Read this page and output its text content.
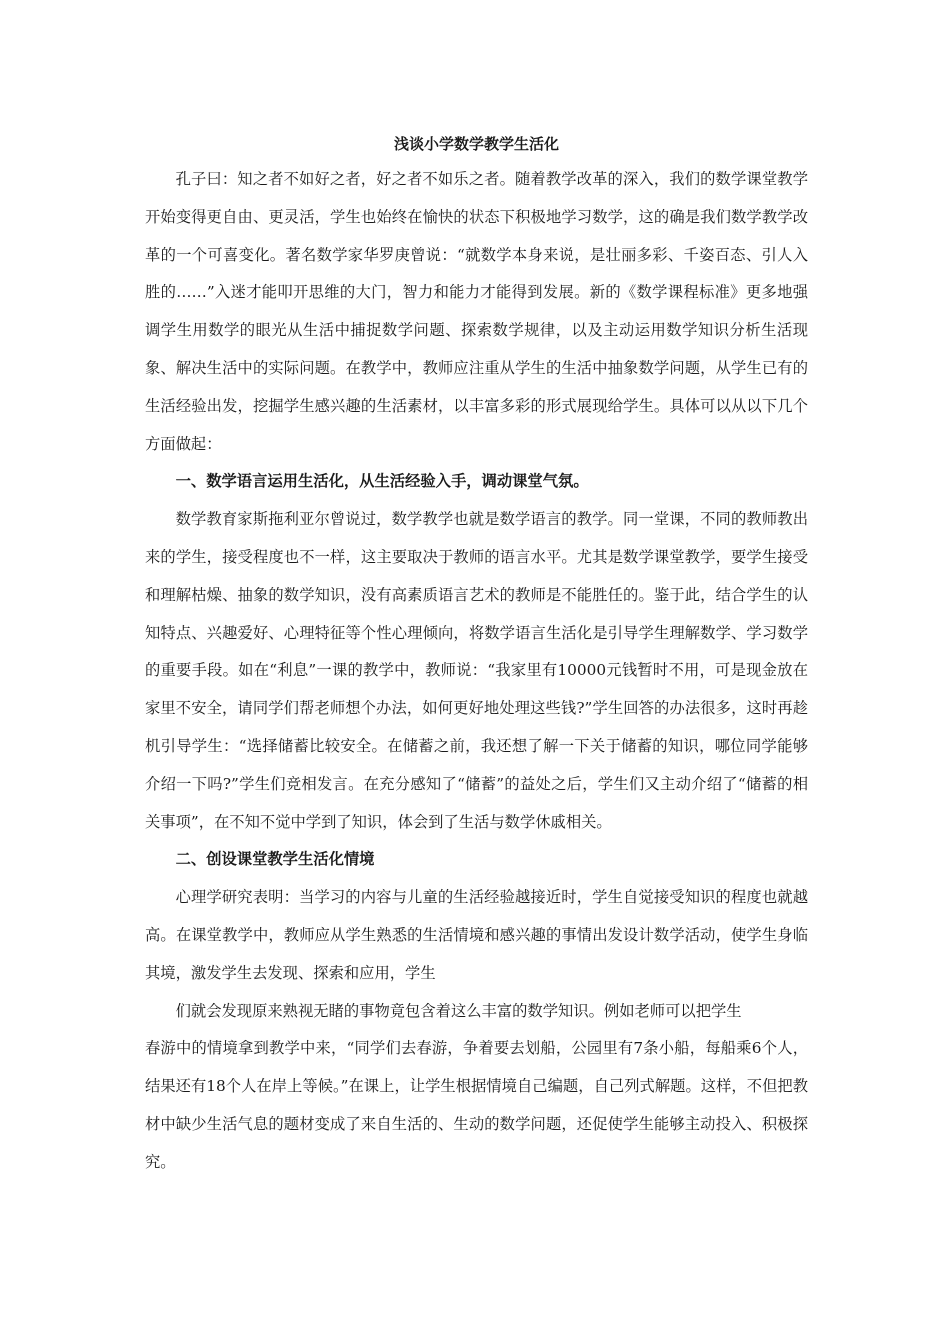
浅谈小学数学教学生活化

孔子曰：知之者不如好之者，好之者不如乐之者。随着教学改革的深入，我们的数学课堂教学开始变得更自由、更灵活，学生也始终在愉快的状态下积极地学习数学，这的确是我们数学教学改革的一个可喜变化。著名数学家华罗庚曾说：“就数学本身来说，是壮丽多彩、千姿百态、引人入胜的……”入迷才能叩开思维的大门，智力和能力才能得到发展。新的《数学课程标准》更多地强调学生用数学的眼光从生活中捕捉数学问题、探索数学规律，以及主动运用数学知识分析生活现象、解决生活中的实际问题。在教学中，教师应注重从学生的生活中抽象数学问题，从学生已有的生活经验出发，挖掘学生感兴趣的生活素材，以丰富多彩的形式展现给学生。具体可以从以下几个方面做起：

一、数学语言运用生活化，从生活经验入手，调动课堂气氛。

数学教育家斯拖利亚尔曾说过，数学教学也就是数学语言的教学。同一堂课，不同的教师教出来的学生，接受程度也不一样，这主要取决于教师的语言水平。尤其是数学课堂教学，要学生接受和理解枯燥、抽象的数学知识，没有高素质语言艺术的教师是不能胜任的。鉴于此，结合学生的认知特点、兴趣爱好、心理特征等个性心理倾向，将数学语言生活化是引导学生理解数学、学习数学的重要手段。如在“利息”一课的教学中，教师说：“我家里有10000元钱暂时不用，可是现金放在家里不安全，请同学们帮老师想个办法，如何更好地处理这些钱?”学生回答的办法很多，这时再趁机引导学生：“选择储蓄比较安全。在储蓄之前，我还想了解一下关于储蓄的知识，哪位同学能够介绍一下吗?”学生们竞相发言。在充分感知了“储蓄”的益处之后，学生们又主动介绍了“储蓄的相关事项”，在不知不觉中学到了知识，体会到了生活与数学休戚相关。

二、创设课堂教学生活化情境

心理学研究表明：当学习的内容与儿童的生活经验越接近时，学生自觉接受知识的程度也就越高。在课堂教学中，教师应从学生熟悉的生活情境和感兴趣的事情出发设计数学活动，使学生身临其境，激发学生去发现、探索和应用，学生

们就会发现原来熟视无睹的事物竟包含着这么丰富的数学知识。例如老师可以把学生

春游中的情境拿到教学中来，“同学们去春游，争着要去划船，公园里有7条小船，每船乘6个人，结果还有18个人在岸上等候。”在课上，让学生根据情境自己编题，自己列式解题。这样，不但把教材中缺少生活气息的题材变成了来自生活的、生动的数学问题，还促使学生能够主动投入、积极探究。
